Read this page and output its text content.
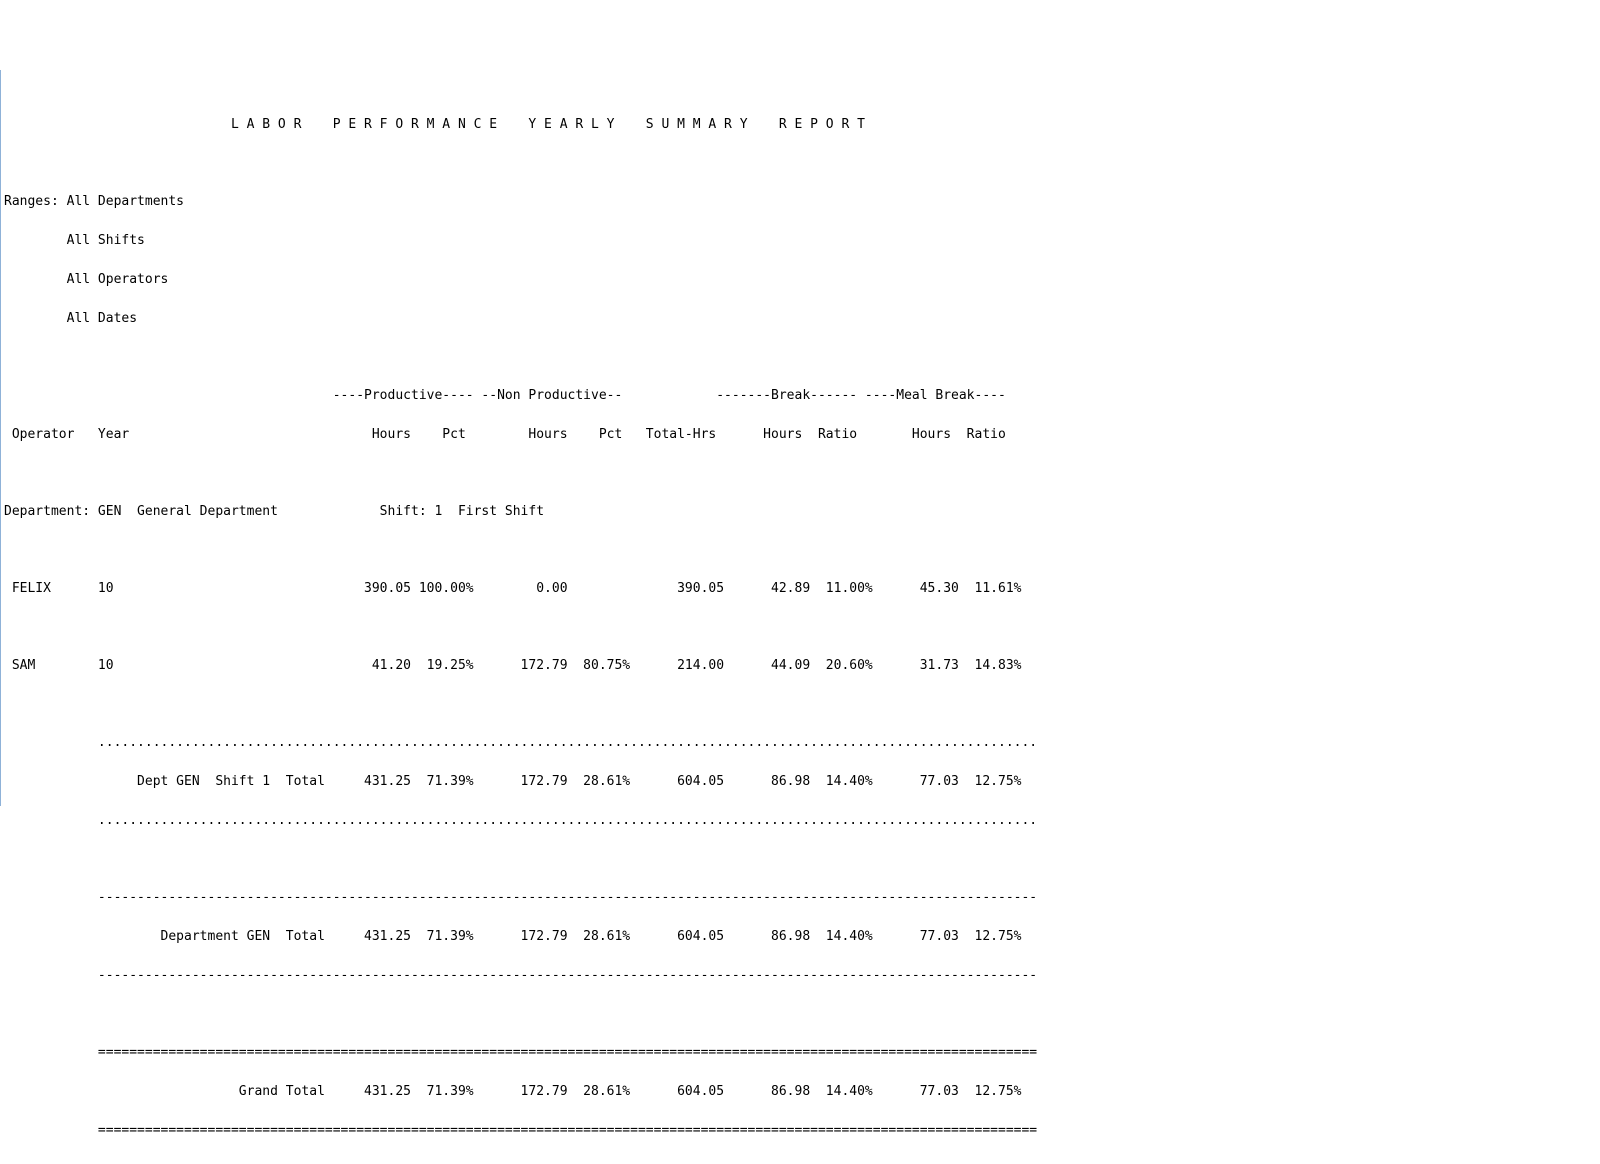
L A B O R    P E R F O R M A N C E    Y E A R L Y    S U M M A R Y    R E P O R T

Ranges: All Departments

All Shifts

All Operators

All Dates

----Productive---- --Non Productive--            -------Break------ ----Meal Break----

Operator   Year                               Hours    Pct        Hours    Pct   Total-Hrs      Hours  Ratio       Hours  Ratio

Department: GEN  General Department             Shift: 1  First Shift

FELIX      10                                390.05 100.00%        0.00              390.05      42.89  11.00%      45.30  11.61%

SAM        10                                 41.20  19.25%      172.79  80.75%      214.00      44.09  20.60%      31.73  14.83%

........................................................................................................................

Dept GEN  Shift 1  Total     431.25  71.39%      172.79  28.61%      604.05      86.98  14.40%      77.03  12.75%

........................................................................................................................

------------------------------------------------------------------------------------------------------------------------

Department GEN  Total     431.25  71.39%      172.79  28.61%      604.05      86.98  14.40%      77.03  12.75%

------------------------------------------------------------------------------------------------------------------------

========================================================================================================================

Grand Total     431.25  71.39%      172.79  28.61%      604.05      86.98  14.40%      77.03  12.75%

========================================================================================================================
